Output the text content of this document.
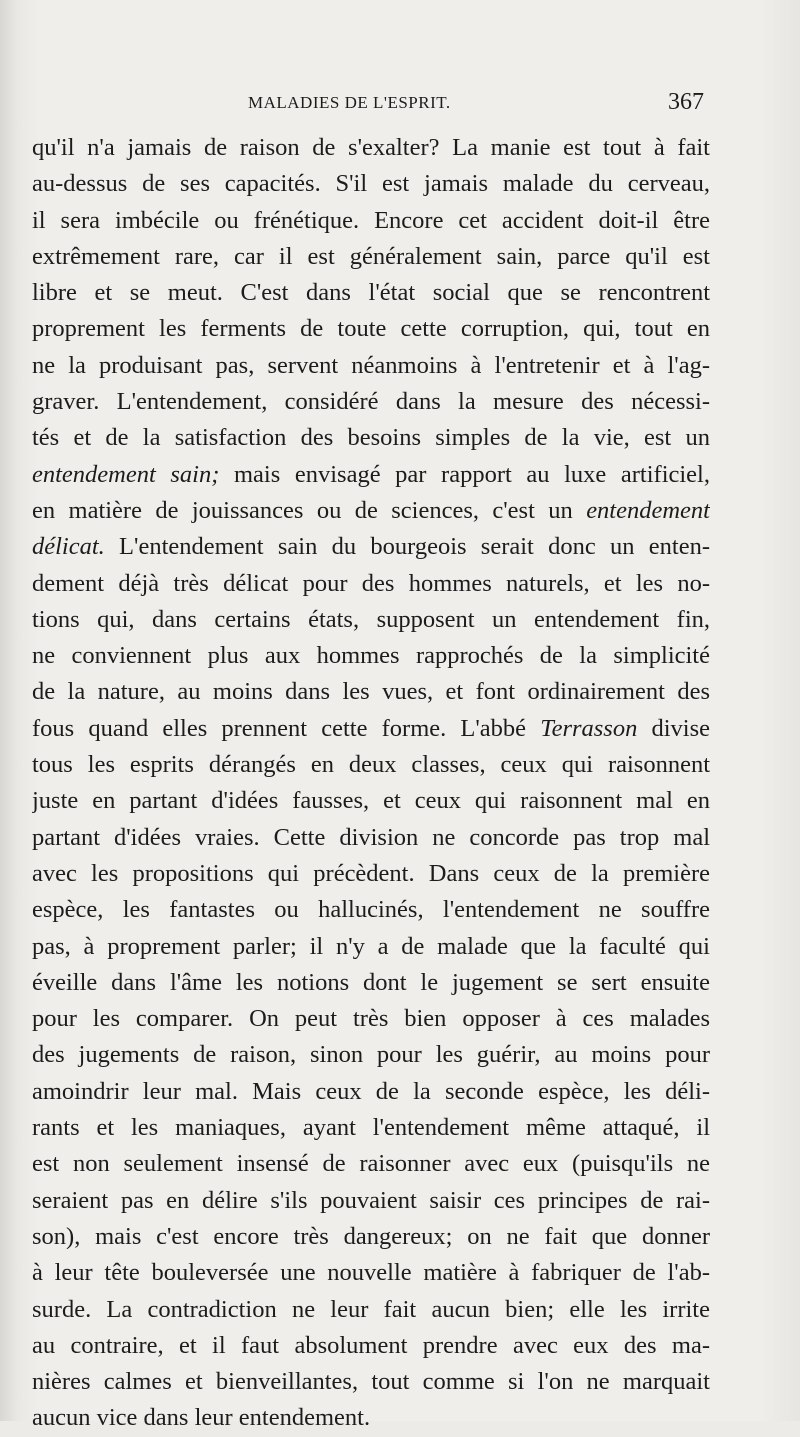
MALADIES DE L'ESPRIT.	367
qu'il n'a jamais de raison de s'exalter? La manie est tout à fait
au-dessus de ses capacités. S'il est jamais malade du cerveau,
il sera imbécile ou frénétique. Encore cet accident doit-il être
extrêmement rare, car il est généralement sain, parce qu'il est
libre et se meut. C'est dans l'état social que se rencontrent
proprement les ferments de toute cette corruption, qui, tout en
ne la produisant pas, servent néanmoins à l'entretenir et à l'ag-
graver. L'entendement, considéré dans la mesure des nécessi-
tés et de la satisfaction des besoins simples de la vie, est un
entendement sain; mais envisagé par rapport au luxe artificiel,
en matière de jouissances ou de sciences, c'est un entendement
délicat. L'entendement sain du bourgeois serait donc un enten-
dement déjà très délicat pour des hommes naturels, et les no-
tions qui, dans certains états, supposent un entendement fin,
ne conviennent plus aux hommes rapprochés de la simplicité
de la nature, au moins dans les vues, et font ordinairement des
fous quand elles prennent cette forme. L'abbé Terrasson divise
tous les esprits dérangés en deux classes, ceux qui raisonnent
juste en partant d'idées fausses, et ceux qui raisonnent mal en
partant d'idées vraies. Cette division ne concorde pas trop mal
avec les propositions qui précèdent. Dans ceux de la première
espèce, les fantastes ou hallucinés, l'entendement ne souffre
pas, à proprement parler; il n'y a de malade que la faculté qui
éveille dans l'âme les notions dont le jugement se sert ensuite
pour les comparer. On peut très bien opposer à ces malades
des jugements de raison, sinon pour les guérir, au moins pour
amoindrir leur mal. Mais ceux de la seconde espèce, les déli-
rants et les maniaques, ayant l'entendement même attaqué, il
est non seulement insensé de raisonner avec eux (puisqu'ils ne
seraient pas en délire s'ils pouvaient saisir ces principes de rai-
son), mais c'est encore très dangereux; on ne fait que donner
à leur tête bouleversée une nouvelle matière à fabriquer de l'ab-
surde. La contradiction ne leur fait aucun bien; elle les irrite
au contraire, et il faut absolument prendre avec eux des ma-
nières calmes et bienveillantes, tout comme si l'on ne marquait
aucun vice dans leur entendement.
